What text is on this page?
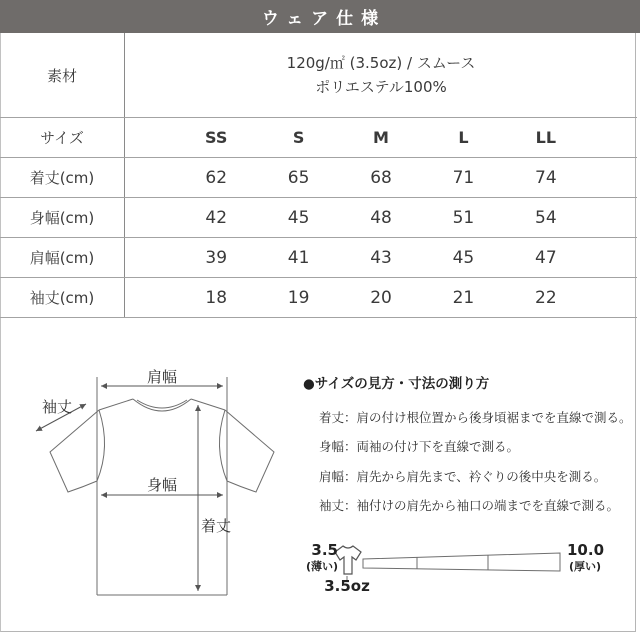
ウェア仕様
素材
120g/㎡ (3.5oz) / スムース
ポリエステル100%
サイズ	SS	S	M	L	LL
着丈(cm)	62	65	68	71	74
身幅(cm)	42	45	48	51	54
肩幅(cm)	39	41	43	45	47
袖丈(cm)	18	19	20	21	22
肩幅
袖丈
身幅
着丈
●サイズの見方・寸法の測り方
着丈：肩の付け根位置から後身頃裾までを直線で測る。
身幅：両袖の付け下を直線で測る。
肩幅：肩先から肩先まで、衿ぐりの後中央を測る。
袖丈：袖付けの肩先から袖口の端までを直線で測る。
3.5
(薄い)
10.0
(厚い)
3.5oz
